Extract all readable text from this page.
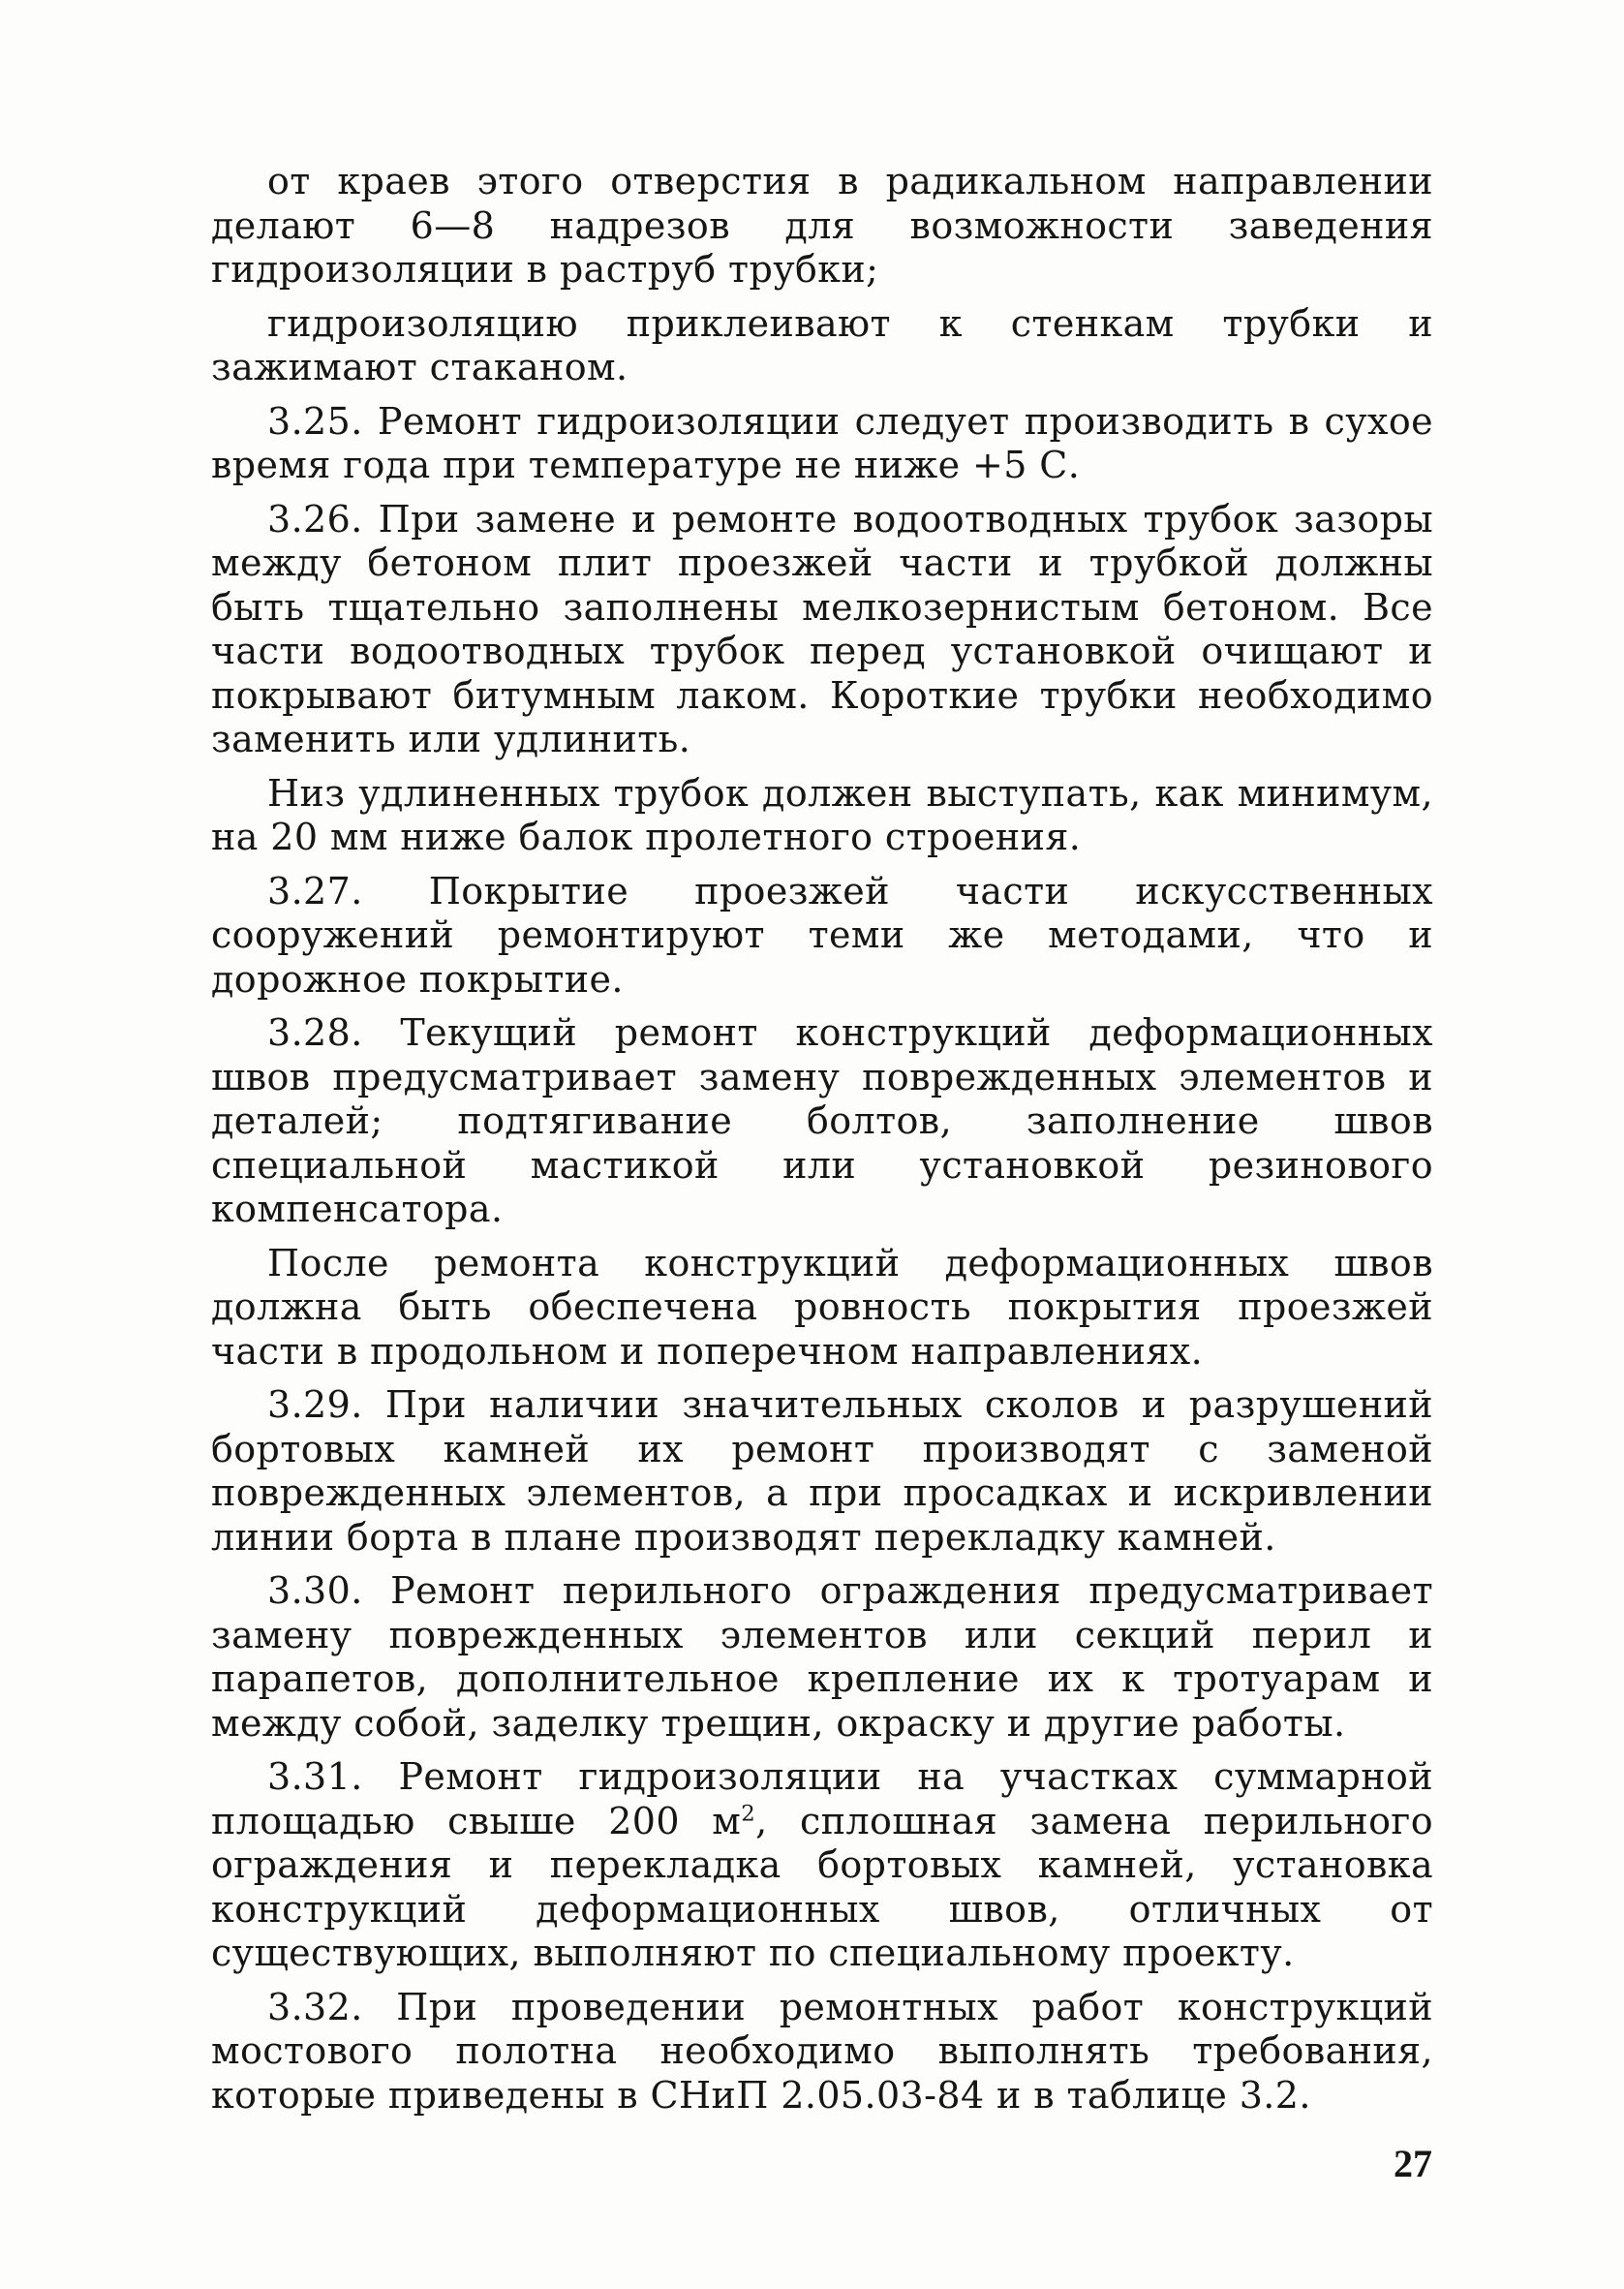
от краев этого отверстия в радикальном направлении делают 6—8 надрезов для возможности заведения гидроизоляции в раструб трубки;

гидроизоляцию приклеивают к стенкам трубки и зажимают стаканом.

3.25. Ремонт гидроизоляции следует производить в сухое время года при температуре не ниже +5 С.

3.26. При замене и ремонте водоотводных трубок зазоры между бетоном плит проезжей части и трубкой должны быть тщательно заполнены мелкозернистым бетоном. Все части водоотводных трубок перед установкой очищают и покрывают битумным лаком. Короткие трубки необходимо заменить или удлинить.

Низ удлиненных трубок должен выступать, как минимум, на 20 мм ниже балок пролетного строения.

3.27. Покрытие проезжей части искусственных сооружений ремонтируют теми же методами, что и дорожное покрытие.

3.28. Текущий ремонт конструкций деформационных швов предусматривает замену поврежденных элементов и деталей; подтягивание болтов, заполнение швов специальной мастикой или установкой резинового компенсатора.

После ремонта конструкций деформационных швов должна быть обеспечена ровность покрытия проезжей части в продольном и поперечном направлениях.

3.29. При наличии значительных сколов и разрушений бортовых камней их ремонт производят с заменой поврежденных элементов, а при просадках и искривлении линии борта в плане производят перекладку камней.

3.30. Ремонт перильного ограждения предусматривает замену поврежденных элементов или секций перил и парапетов, дополнительное крепление их к тротуарам и между собой, заделку трещин, окраску и другие работы.

3.31. Ремонт гидроизоляции на участках суммарной площадью свыше 200 $м^2$, сплошная замена перильного ограждения и перекладка бортовых камней, установка конструкций деформационных швов, отличных от существующих, выполняют по специальному проекту.

3.32. При проведении ремонтных работ конструкций мостового полотна необходимо выполнять требования, которые приведены в СНиП 2.05.03-84 и в таблице 3.2.

27
